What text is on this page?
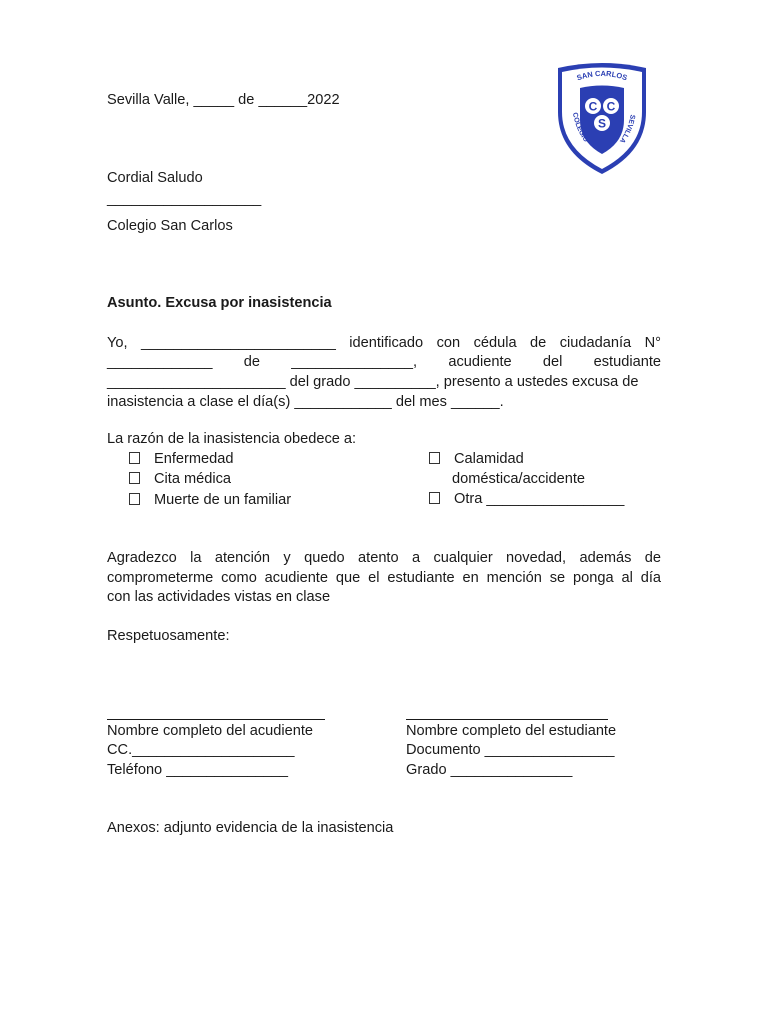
Sevilla Valle, _____ de ______2022
SAN CARLOS
COLEGIO
SEVILLA
C C
S
Cordial Saludo
___________________
Colegio San Carlos
Asunto. Excusa por inasistencia
Yo, ________________________ identificado con cédula de ciudadanía N°
_____________ de _______________, acudiente del estudiante
______________________ del grado __________, presento a ustedes excusa de
inasistencia a clase el día(s) ____________ del mes ______.
La razón de la inasistencia obedece a:
Enfermedad
Cita médica
Muerte de un familiar
Calamidad
doméstica/accidente
Otra _________________
Agradezco la atención y quedo atento a cualquier novedad, además de
comprometerme como acudiente que el estudiante en mención se ponga al día
con las actividades vistas en clase
Respetuosamente:
Nombre completo del acudiente
CC.____________________
Teléfono _______________
Nombre completo del estudiante
Documento ________________
Grado _______________
Anexos: adjunto evidencia de la inasistencia
